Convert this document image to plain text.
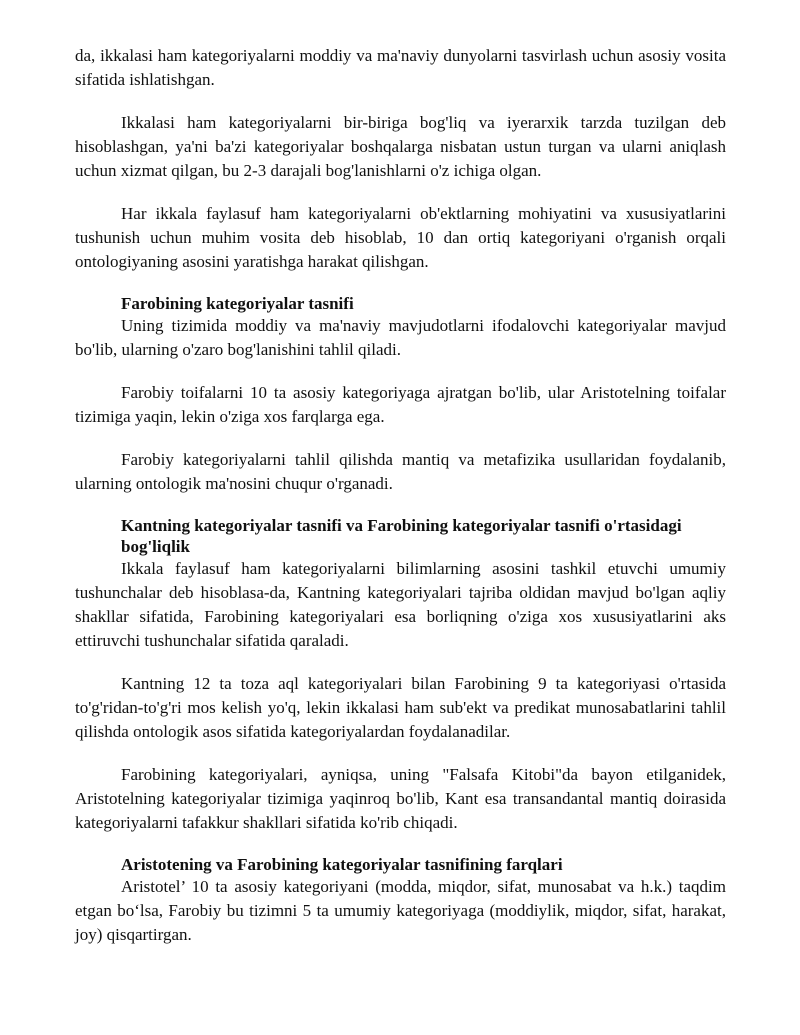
da, ikkalasi ham kategoriyalarni moddiy va ma'naviy dunyolarni tasvirlash uchun asosiy vosita sifatida ishlatishgan.

Ikkalasi ham kategoriyalarni bir-biriga bog'liq va iyerarxik tarzda tuzilgan deb hisoblashgan, ya'ni ba'zi kategoriyalar boshqalarga nisbatan ustun turgan va ularni aniqlash uchun xizmat qilgan, bu 2-3 darajali bog'lanishlarni o'z ichiga olgan.

Har ikkala faylasuf ham kategoriyalarni ob'ektlarning mohiyatini va xususiyatlarini tushunish uchun muhim vosita deb hisoblab, 10 dan ortiq kategoriyani o'rganish orqali ontologiyaning asosini yaratishga harakat qilishgan.

Farobining kategoriyalar tasnifi

Uning tizimida moddiy va ma'naviy mavjudotlarni ifodalovchi kategoriyalar mavjud bo'lib, ularning o'zaro bog'lanishini tahlil qiladi.

Farobiy toifalarni 10 ta asosiy kategoriyaga ajratgan bo'lib, ular Aristotelning toifalar tizimiga yaqin, lekin o'ziga xos farqlarga ega.

Farobiy kategoriyalarni tahlil qilishda mantiq va metafizika usullaridan foydalanib, ularning ontologik ma'nosini chuqur o'rganadi.

Kantning kategoriyalar tasnifi va Farobining kategoriyalar tasnifi o'rtasidagi bog'liqlik

Ikkala faylasuf ham kategoriyalarni bilimlarning asosini tashkil etuvchi umumiy tushunchalar deb hisoblasa-da, Kantning kategoriyalari tajriba oldidan mavjud bo'lgan aqliy shakllar sifatida, Farobining kategoriyalari esa borliqning o'ziga xos xususiyatlarini aks ettiruvchi tushunchalar sifatida qaraladi.

Kantning 12 ta toza aql kategoriyalari bilan Farobining 9 ta kategoriyasi o'rtasida to'g'ridan-to'g'ri mos kelish yo'q, lekin ikkalasi ham sub'ekt va predikat munosabatlarini tahlil qilishda ontologik asos sifatida kategoriyalardan foydalanadilar.

Farobining kategoriyalari, ayniqsa, uning "Falsafa Kitobi"da bayon etilganidek, Aristotelning kategoriyalar tizimiga yaqinroq bo'lib, Kant esa transandantal mantiq doirasida kategoriyalarni tafakkur shakllari sifatida ko'rib chiqadi.

Aristotening va Farobining kategoriyalar tasnifining farqlari

Aristotel’ 10 ta asosiy kategoriyani (modda, miqdor, sifat, munosabat va h.k.) taqdim etgan bo‘lsa, Farobiy bu tizimni 5 ta umumiy kategoriyaga (moddiylik, miqdor, sifat, harakat, joy) qisqartirgan.
